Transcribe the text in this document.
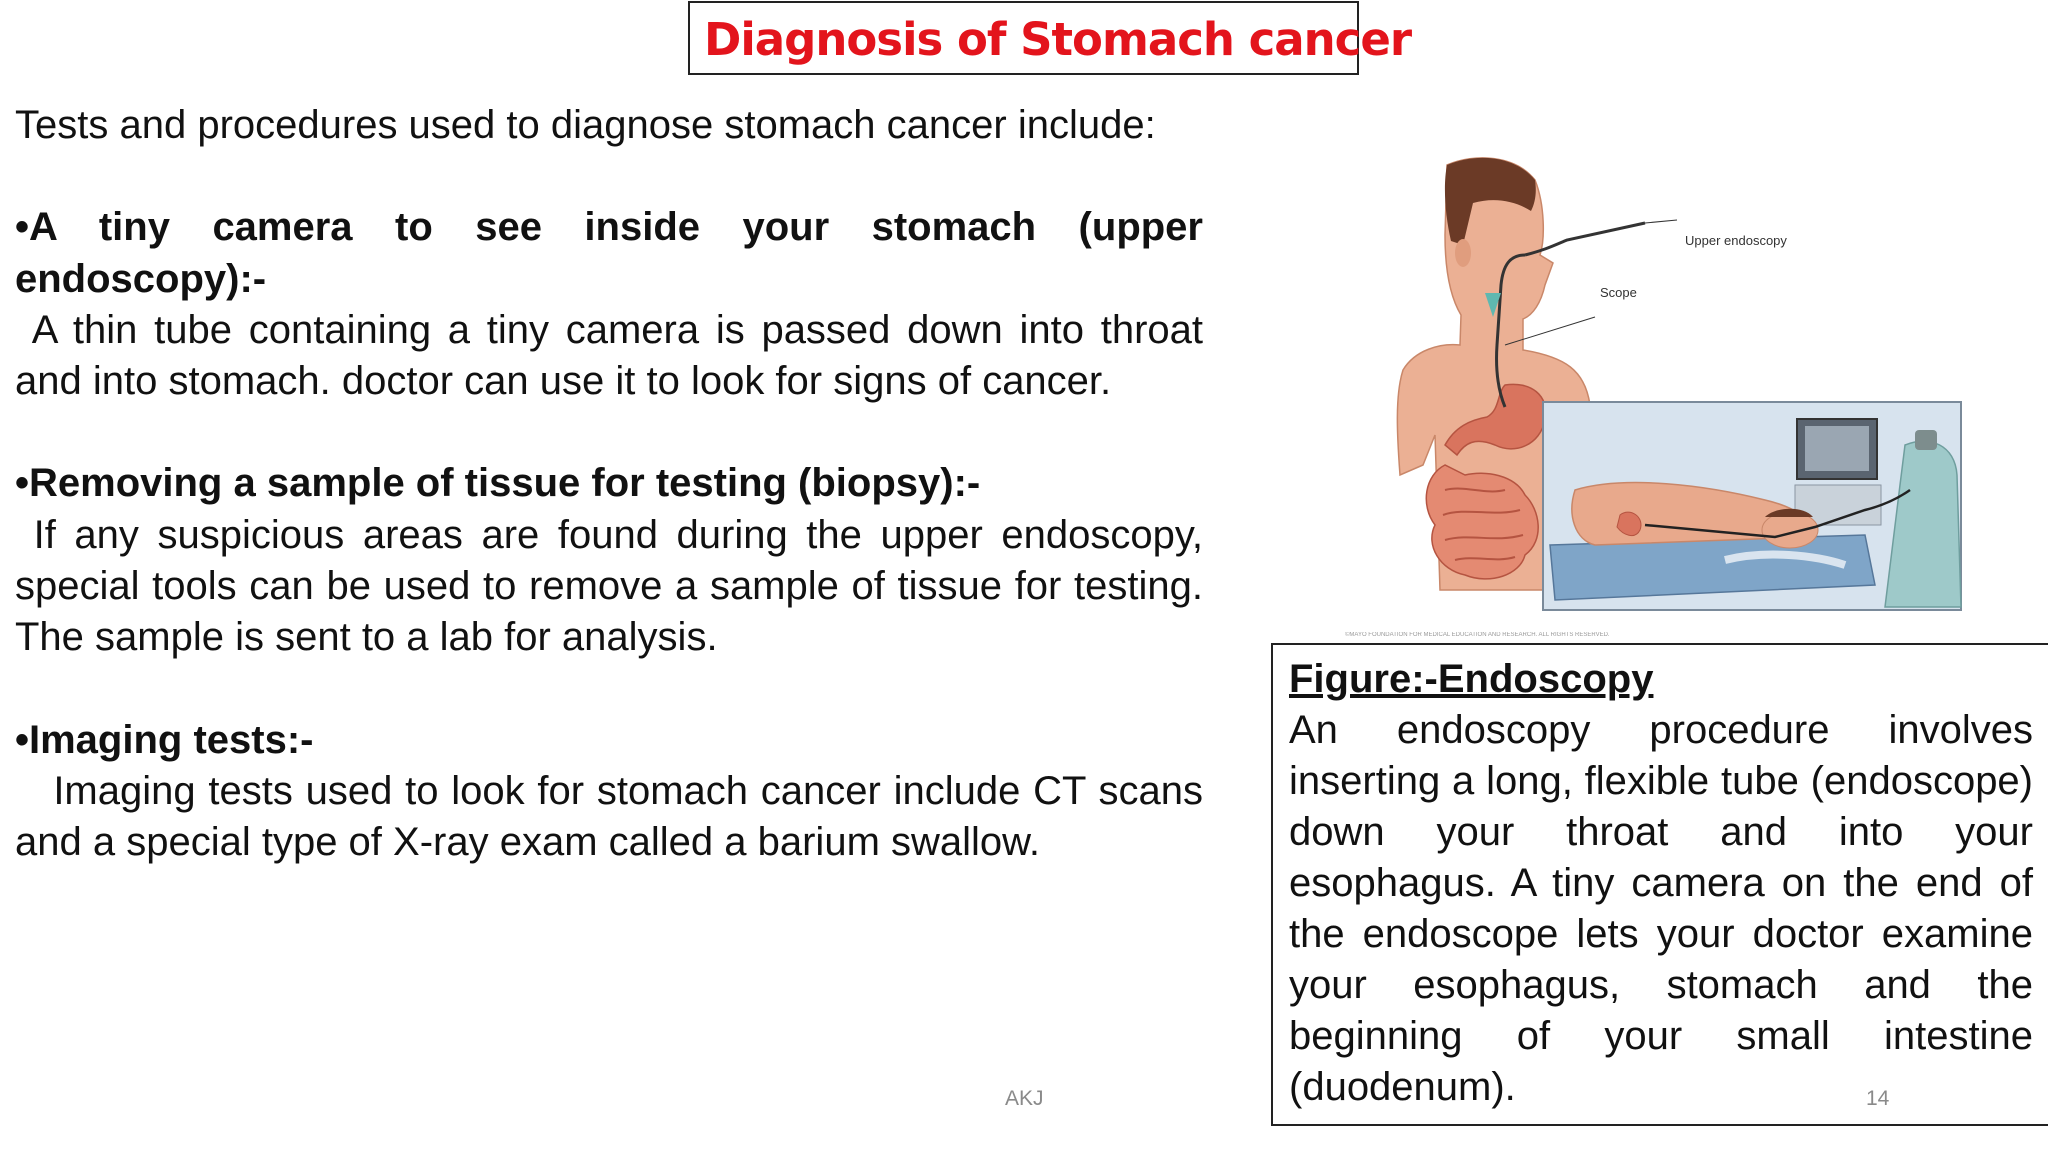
Diagnosis of Stomach cancer

Tests and procedures used to diagnose stomach cancer include:

•A tiny camera to see inside your stomach (upper endoscopy):-

A thin tube containing a tiny camera is passed down into throat and into stomach. doctor can use it to look for signs of cancer.

•Removing a sample of tissue for testing (biopsy):-

If any suspicious areas are found during the upper endoscopy, special tools can be used to remove a sample of tissue for testing. The sample is sent to a lab for analysis.

•Imaging tests:-

Imaging tests used to look for stomach cancer include CT scans and a special type of X-ray exam called a barium swallow.

Upper endoscopy
Scope
©MAYO FOUNDATION FOR MEDICAL EDUCATION AND RESEARCH. ALL RIGHTS RESERVED.

Figure:-Endoscopy

An endoscopy procedure involves inserting a long, flexible tube (endoscope) down your throat and into your esophagus. A tiny camera on the end of the endoscope lets your doctor examine your esophagus, stomach and the beginning of your small intestine (duodenum).

AKJ	14
